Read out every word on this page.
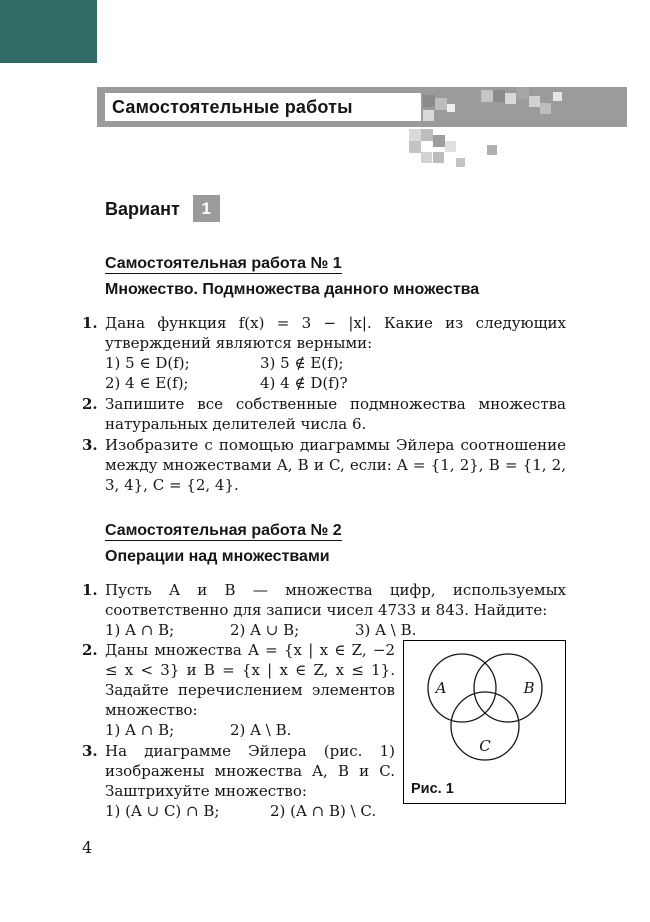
Самостоятельные работы
Вариант	1
Самостоятельная работа № 1
Множество. Подмножества данного множества
1. Дана функция f(x) = 3 − |x|. Какие из следующих утверждений являются верными:
1) 5 ∈ D(f);	3) 5 ∉ E(f);
2) 4 ∈ E(f);	4) 4 ∉ D(f)?
2. Запишите все собственные подмножества множества натуральных делителей числа 6.
3. Изобразите с помощью диаграммы Эйлера соотношение между множествами A, B и C, если: A = {1, 2}, B = {1, 2, 3, 4}, C = {2, 4}.
Самостоятельная работа № 2
Операции над множествами
1. Пусть A и B — множества цифр, используемых соответственно для записи чисел 4733 и 843. Найдите:
1) A ∩ B;	2) A ∪ B;	3) A \ B.
2. Даны множества A = {x | x ∈ Z, −2 ≤ x < 3} и B = {x | x ∈ Z, x ≤ 1}. Задайте перечислением элементов множество:
1) A ∩ B;	2) A \ B.
3. На диаграмме Эйлера (рис. 1) изображены множества A, B и C. Заштрихуйте множество:
1) (A ∪ C) ∩ B;	2) (A ∩ B) \ C.
A	B
C
Рис. 1
4
